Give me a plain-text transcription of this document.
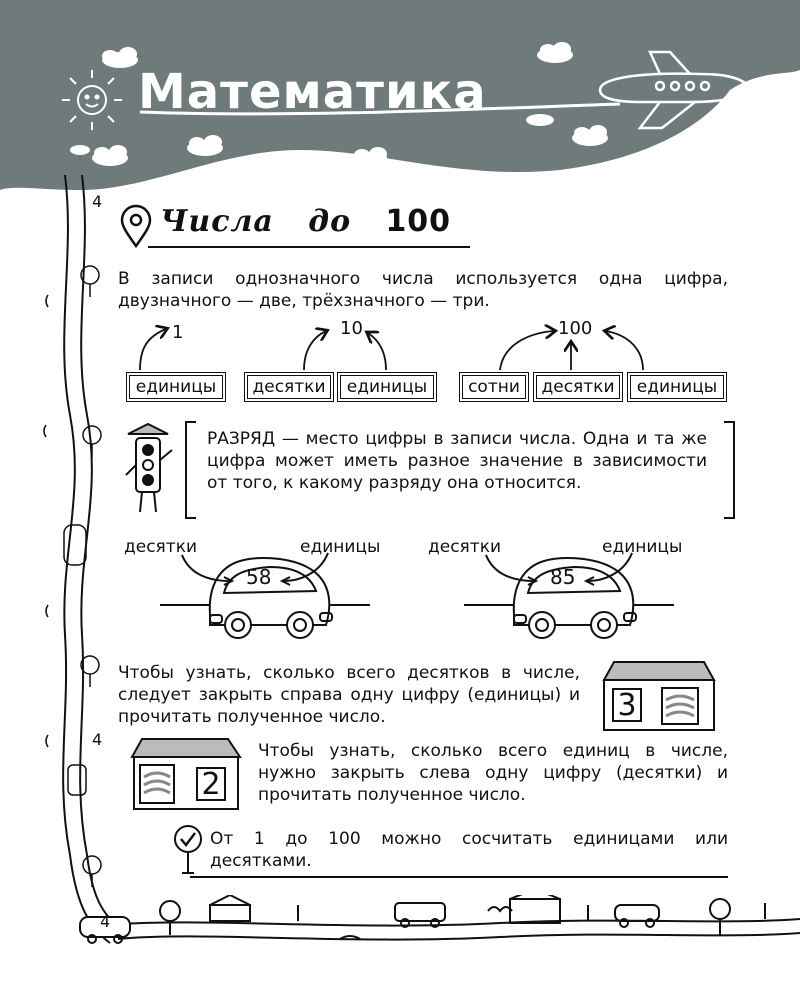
Математика
4
4
Числа до 100
В записи однозначного числа используется одна цифра, двузначного — две, трёхзначного — три.
1	10	100
единицы	десятки	единицы	сотни	десятки	единицы
РАЗРЯД — место цифры в записи числа. Одна и та же цифра может иметь разное значение в зависимости от того, к какому разряду она относится.
десятки	единицы
58
десятки	единицы
85
Чтобы узнать, сколько всего десятков в числе, следует закрыть справа одну цифру (единицы) и прочитать полученное число.	3
2
Чтобы узнать, сколько всего единиц в числе, нужно закрыть слева одну цифру (десятки) и прочитать полученное число.
От 1 до 100 можно сосчитать единицами или десятками.
4
